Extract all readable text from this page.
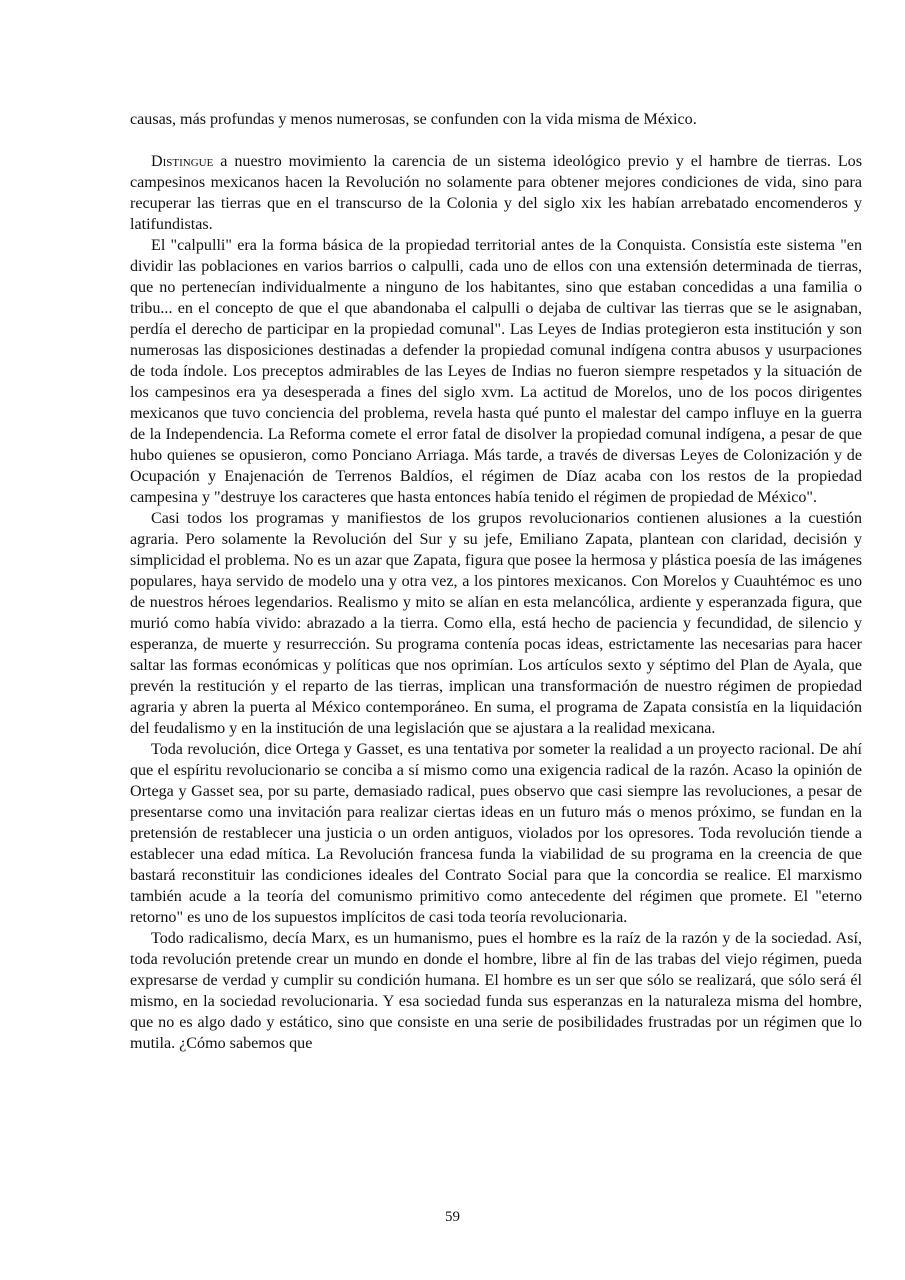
causas, más profundas y menos numerosas, se confunden con la vida misma de México.

Distingue a nuestro movimiento la carencia de un sistema ideológico previo y el hambre de tierras. Los campesinos mexicanos hacen la Revolución no solamente para obtener mejores condiciones de vida, sino para recuperar las tierras que en el transcurso de la Colonia y del siglo xix les habían arrebatado encomenderos y latifundistas.

El "calpulli" era la forma básica de la propiedad territorial antes de la Conquista. Consistía este sistema "en dividir las poblaciones en varios barrios o calpulli, cada uno de ellos con una extensión determinada de tierras, que no pertenecían individualmente a ninguno de los habitantes, sino que estaban concedidas a una familia o tribu... en el concepto de que el que abandonaba el calpulli o dejaba de cultivar las tierras que se le asignaban, perdía el derecho de participar en la propiedad comunal". Las Leyes de Indias protegieron esta institución y son numerosas las disposiciones destinadas a defender la propiedad comunal indígena contra abusos y usurpaciones de toda índole. Los preceptos admirables de las Leyes de Indias no fueron siempre respetados y la situación de los campesinos era ya desesperada a fines del siglo xvm. La actitud de Morelos, uno de los pocos dirigentes mexicanos que tuvo conciencia del problema, revela hasta qué punto el malestar del campo influye en la guerra de la Independencia. La Reforma comete el error fatal de disolver la propiedad comunal indígena, a pesar de que hubo quienes se opusieron, como Ponciano Arriaga. Más tarde, a través de diversas Leyes de Colonización y de Ocupación y Enajenación de Terrenos Baldíos, el régimen de Díaz acaba con los restos de la propiedad campesina y "destruye los caracteres que hasta entonces había tenido el régimen de propiedad de México".

Casi todos los programas y manifiestos de los grupos revolucionarios contienen alusiones a la cuestión agraria. Pero solamente la Revolución del Sur y su jefe, Emiliano Zapata, plantean con claridad, decisión y simplicidad el problema. No es un azar que Zapata, figura que posee la hermosa y plástica poesía de las imágenes populares, haya servido de modelo una y otra vez, a los pintores mexicanos. Con Morelos y Cuauhtémoc es uno de nuestros héroes legendarios. Realismo y mito se alían en esta melancólica, ardiente y esperanzada figura, que murió como había vivido: abrazado a la tierra. Como ella, está hecho de paciencia y fecundidad, de silencio y esperanza, de muerte y resurrección. Su programa contenía pocas ideas, estrictamente las necesarias para hacer saltar las formas económicas y políticas que nos oprimían. Los artículos sexto y séptimo del Plan de Ayala, que prevén la restitución y el reparto de las tierras, implican una transformación de nuestro régimen de propiedad agraria y abren la puerta al México contemporáneo. En suma, el programa de Zapata consistía en la liquidación del feudalismo y en la institución de una legislación que se ajustara a la realidad mexicana.

Toda revolución, dice Ortega y Gasset, es una tentativa por someter la realidad a un proyecto racional. De ahí que el espíritu revolucionario se conciba a sí mismo como una exigencia radical de la razón. Acaso la opinión de Ortega y Gasset sea, por su parte, demasiado radical, pues observo que casi siempre las revoluciones, a pesar de presentarse como una invitación para realizar ciertas ideas en un futuro más o menos próximo, se fundan en la pretensión de restablecer una justicia o un orden antiguos, violados por los opresores. Toda revolución tiende a establecer una edad mítica. La Revolución francesa funda la viabilidad de su programa en la creencia de que bastará reconstituir las condiciones ideales del Contrato Social para que la concordia se realice. El marxismo también acude a la teoría del comunismo primitivo como antecedente del régimen que promete. El "eterno retorno" es uno de los supuestos implícitos de casi toda teoría revolucionaria.

Todo radicalismo, decía Marx, es un humanismo, pues el hombre es la raíz de la razón y de la sociedad. Así, toda revolución pretende crear un mundo en donde el hombre, libre al fin de las trabas del viejo régimen, pueda expresarse de verdad y cumplir su condición humana. El hombre es un ser que sólo se realizará, que sólo será él mismo, en la sociedad revolucionaria. Y esa sociedad funda sus esperanzas en la naturaleza misma del hombre, que no es algo dado y estático, sino que consiste en una serie de posibilidades frustradas por un régimen que lo mutila. ¿Cómo sabemos que

59
